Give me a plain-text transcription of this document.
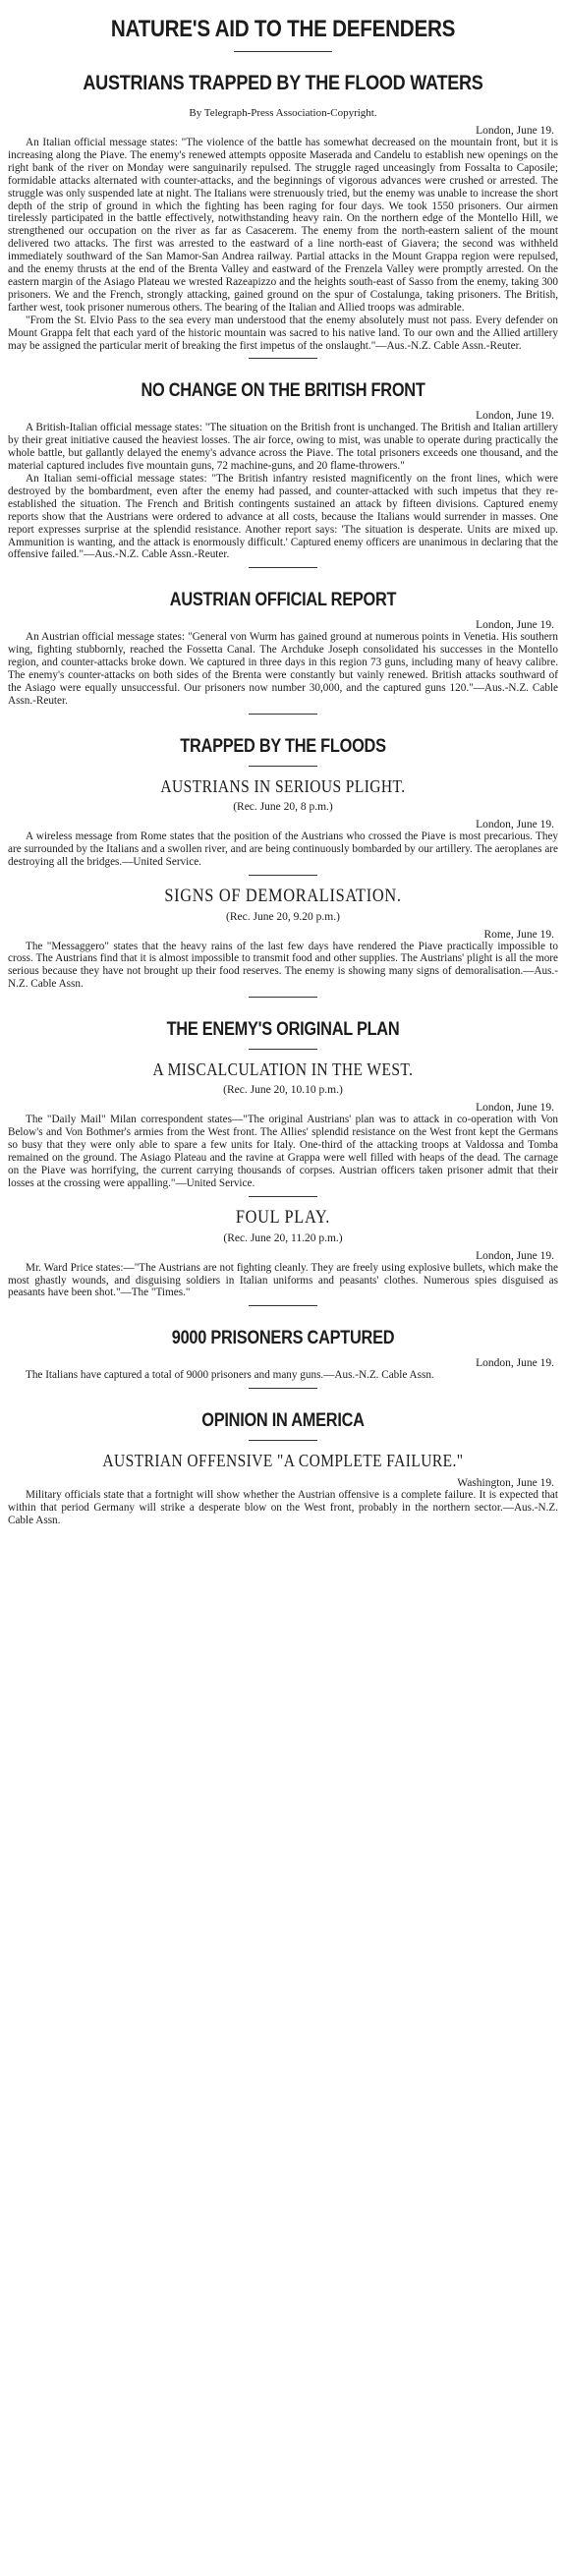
NATURE'S AID TO THE DEFENDERS
AUSTRIANS TRAPPED BY THE FLOOD WATERS
By Telegraph-Press Association-Copyright.
London, June 19.

An Italian official message states: "The violence of the battle has somewhat decreased on the mountain front, but it is increasing along the Piave. The enemy's renewed attempts opposite Maserada and Candelu to establish new openings on the right bank of the river on Monday were sanguinarily repulsed. The struggle raged unceasingly from Fossalta to Caposile; formidable attacks alternated with counter-attacks, and the beginnings of vigorous advances were crushed or arrested. The struggle was only suspended late at night. The Italians were strenuously tried, but the enemy was unable to increase the short depth of the strip of ground in which the fighting has been raging for four days. We took 1550 prisoners. Our airmen tirelessly participated in the battle effectively, notwithstanding heavy rain. On the northern edge of the Montello Hill, we strengthened our occupation on the river as far as Casacerem. The enemy from the north-eastern salient of the mount delivered two attacks. The first was arrested to the eastward of a line north-east of Giavera; the second was withheld immediately southward of the San Mamor-San Andrea railway. Partial attacks in the Mount Grappa region were repulsed, and the enemy thrusts at the end of the Brenta Valley and eastward of the Frenzela Valley were promptly arrested. On the eastern margin of the Asiago Plateau we wrested Razeapizzo and the heights south-east of Sasso from the enemy, taking 300 prisoners. We and the French, strongly attacking, gained ground on the spur of Costalunga, taking prisoners. The British, farther west, took prisoner numerous others. The bearing of the Italian and Allied troops was admirable.

"From the St. Elvio Pass to the sea every man understood that the enemy absolutely must not pass. Every defender on Mount Grappa felt that each yard of the historic mountain was sacred to his native land. To our own and the Allied artillery may be assigned the particular merit of breaking the first impetus of the onslaught."—Aus.-N.Z. Cable Assn.-Reuter.

NO CHANGE ON THE BRITISH FRONT
London, June 19.

A British-Italian official message states: "The situation on the British front is unchanged. The British and Italian artillery by their great initiative caused the heaviest losses. The air force, owing to mist, was unable to operate during practically the whole battle, but gallantly delayed the enemy's advance across the Piave. The total prisoners exceeds one thousand, and the material captured includes five mountain guns, 72 machine-guns, and 20 flame-throwers."

An Italian semi-official message states: "The British infantry resisted magnificently on the front lines, which were destroyed by the bombardment, even after the enemy had passed, and counter-attacked with such impetus that they re-established the situation. The French and British contingents sustained an attack by fifteen divisions. Captured enemy reports show that the Austrians were ordered to advance at all costs, because the Italians would surrender in masses. One report expresses surprise at the splendid resistance. Another report says: 'The situation is desperate. Units are mixed up. Ammunition is wanting, and the attack is enormously difficult.' Captured enemy officers are unanimous in declaring that the offensive failed."—Aus.-N.Z. Cable Assn.-Reuter.

AUSTRIAN OFFICIAL REPORT
London, June 19.

An Austrian official message states: "General von Wurm has gained ground at numerous points in Venetia. His southern wing, fighting stubbornly, reached the Fossetta Canal. The Archduke Joseph consolidated his successes in the Montello region, and counter-attacks broke down. We captured in three days in this region 73 guns, including many of heavy calibre. The enemy's counter-attacks on both sides of the Brenta were constantly but vainly renewed. British attacks southward of the Asiago were equally unsuccessful. Our prisoners now number 30,000, and the captured guns 120."—Aus.-N.Z. Cable Assn.-Reuter.

TRAPPED BY THE FLOODS
AUSTRIANS IN SERIOUS PLIGHT.
(Rec. June 20, 8 p.m.)
London, June 19.

A wireless message from Rome states that the position of the Austrians who crossed the Piave is most precarious. They are surrounded by the Italians and a swollen river, and are being continuously bombarded by our artillery. The aeroplanes are destroying all the bridges.—United Service.

SIGNS OF DEMORALISATION.
(Rec. June 20, 9.20 p.m.)
Rome, June 19.

The "Messaggero" states that the heavy rains of the last few days have rendered the Piave practically impossible to cross. The Austrians find that it is almost impossible to transmit food and other supplies. The Austrians' plight is all the more serious because they have not brought up their food reserves. The enemy is showing many signs of demoralisation.—Aus.-N.Z. Cable Assn.

THE ENEMY'S ORIGINAL PLAN
A MISCALCULATION IN THE WEST.
(Rec. June 20, 10.10 p.m.)
London, June 19.

The "Daily Mail" Milan correspondent states—"The original Austrians' plan was to attack in co-operation with Von Below's and Von Bothmer's armies from the West front. The Allies' splendid resistance on the West front kept the Germans so busy that they were only able to spare a few units for Italy. One-third of the attacking troops at Valdossa and Tomba remained on the ground. The Asiago Plateau and the ravine at Grappa were well filled with heaps of the dead. The carnage on the Piave was horrifying, the current carrying thousands of corpses. Austrian officers taken prisoner admit that their losses at the crossing were appalling."—United Service.

FOUL PLAY.
(Rec. June 20, 11.20 p.m.)
London, June 19.

Mr. Ward Price states:—"The Austrians are not fighting cleanly. They are freely using explosive bullets, which make the most ghastly wounds, and disguising soldiers in Italian uniforms and peasants' clothes. Numerous spies disguised as peasants have been shot."—The "Times."

9000 PRISONERS CAPTURED
London, June 19.

The Italians have captured a total of 9000 prisoners and many guns.—Aus.-N.Z. Cable Assn.

OPINION IN AMERICA
AUSTRIAN OFFENSIVE "A COMPLETE FAILURE."
Washington, June 19.

Military officials state that a fortnight will show whether the Austrian offensive is a complete failure. It is expected that within that period Germany will strike a desperate blow on the West front, probably in the northern sector.—Aus.-N.Z. Cable Assn.
